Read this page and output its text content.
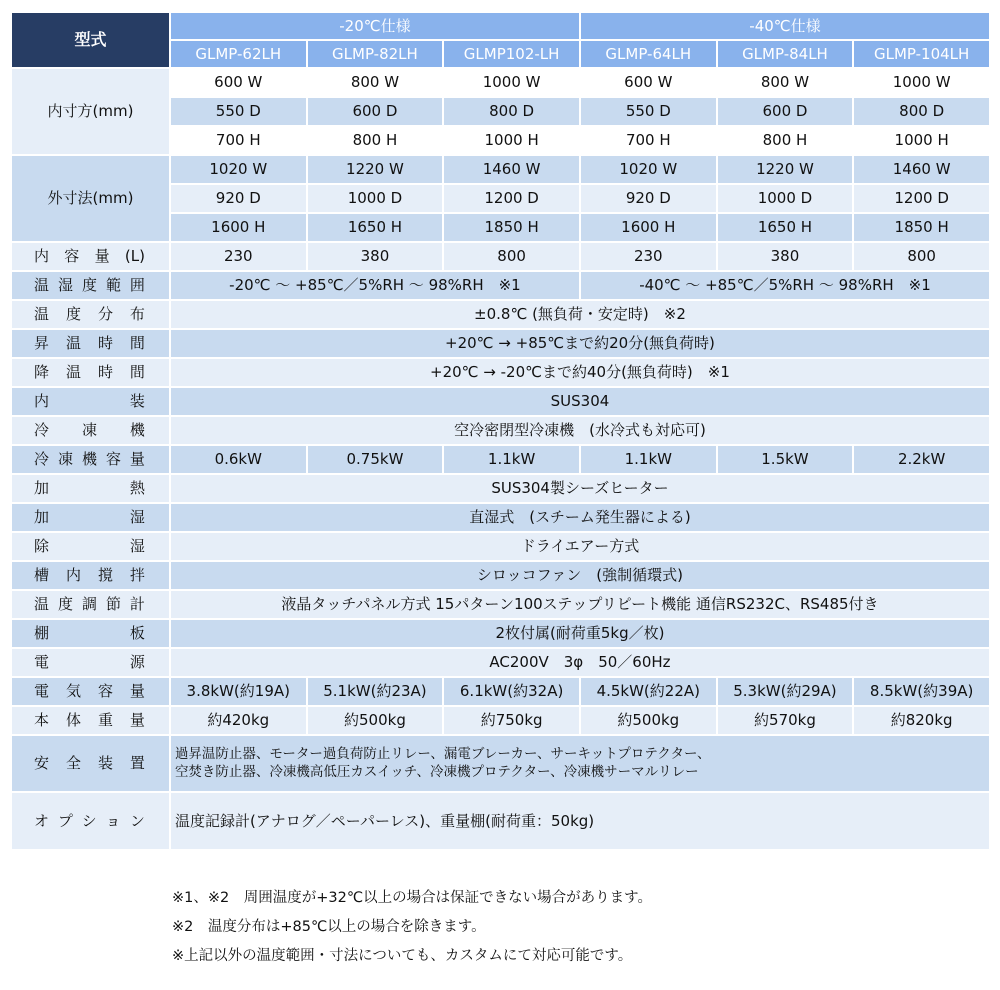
型式	-20℃仕様			-40℃仕様		
	GLMP-62LH	GLMP-82LH	GLMP102-LH	GLMP-64LH	GLMP-84LH	GLMP-104LH
内寸方(mm)	600 W	800 W	1000 W	600 W	800 W	1000 W
	550 D	600 D	800 D	550 D	600 D	800 D
	700 H	800 H	1000 H	700 H	800 H	1000 H
外寸法(mm)	1020 W	1220 W	1460 W	1020 W	1220 W	1460 W
	920 D	1000 D	1200 D	920 D	1000 D	1200 D
	1600 H	1650 H	1850 H	1600 H	1650 H	1850 H
内容量(L)	230	380	800	230	380	800
温湿度範囲	-20℃ ～ +85℃／5%RH ～ 98%RH　※1			-40℃ ～ +85℃／5%RH ～ 98%RH　※1		
温度分布	±0.8℃ (無負荷・安定時)　※2					
昇温時間	+20℃ → +85℃まで約20分(無負荷時)					
降温時間	+20℃ → -20℃まで約40分(無負荷時)　※1					
内装	SUS304					
冷凍機	空冷密閉型冷凍機　(水冷式も対応可)					
冷凍機容量	0.6kW	0.75kW	1.1kW	1.1kW	1.5kW	2.2kW
加熱	SUS304製シーズヒーター					
加湿	直湿式　(スチーム発生器による)					
除湿	ドライエアー方式					
槽内撹拌	シロッコファン　(強制循環式)					
温度調節計	液晶タッチパネル方式 15パターン100ステップリピート機能 通信RS232C、RS485付き					
棚板	2枚付属(耐荷重5kg／枚)					
電源	AC200V　3φ　50／60Hz					
電気容量	3.8kW(約19A)	5.1kW(約23A)	6.1kW(約32A)	4.5kW(約22A)	5.3kW(約29A)	8.5kW(約39A)
本体重量	約420kg	約500kg	約750kg	約500kg	約570kg	約820kg
安全装置	過昇温防止器、モーター過負荷防止リレー、漏電ブレーカー、サーキットプロテクター、
空焚き防止器、冷凍機高低圧カスイッチ、冷凍機プロテクター、冷凍機サーマルリレー					

オプション	温度記録計(アナログ／ペーパーレス)、重量棚(耐荷重：50kg)					
※1、※2　周囲温度が+32℃以上の場合は保証できない場合があります。
※2　温度分布は+85℃以上の場合を除きます。
※上記以外の温度範囲・寸法についても、カスタムにて対応可能です。
